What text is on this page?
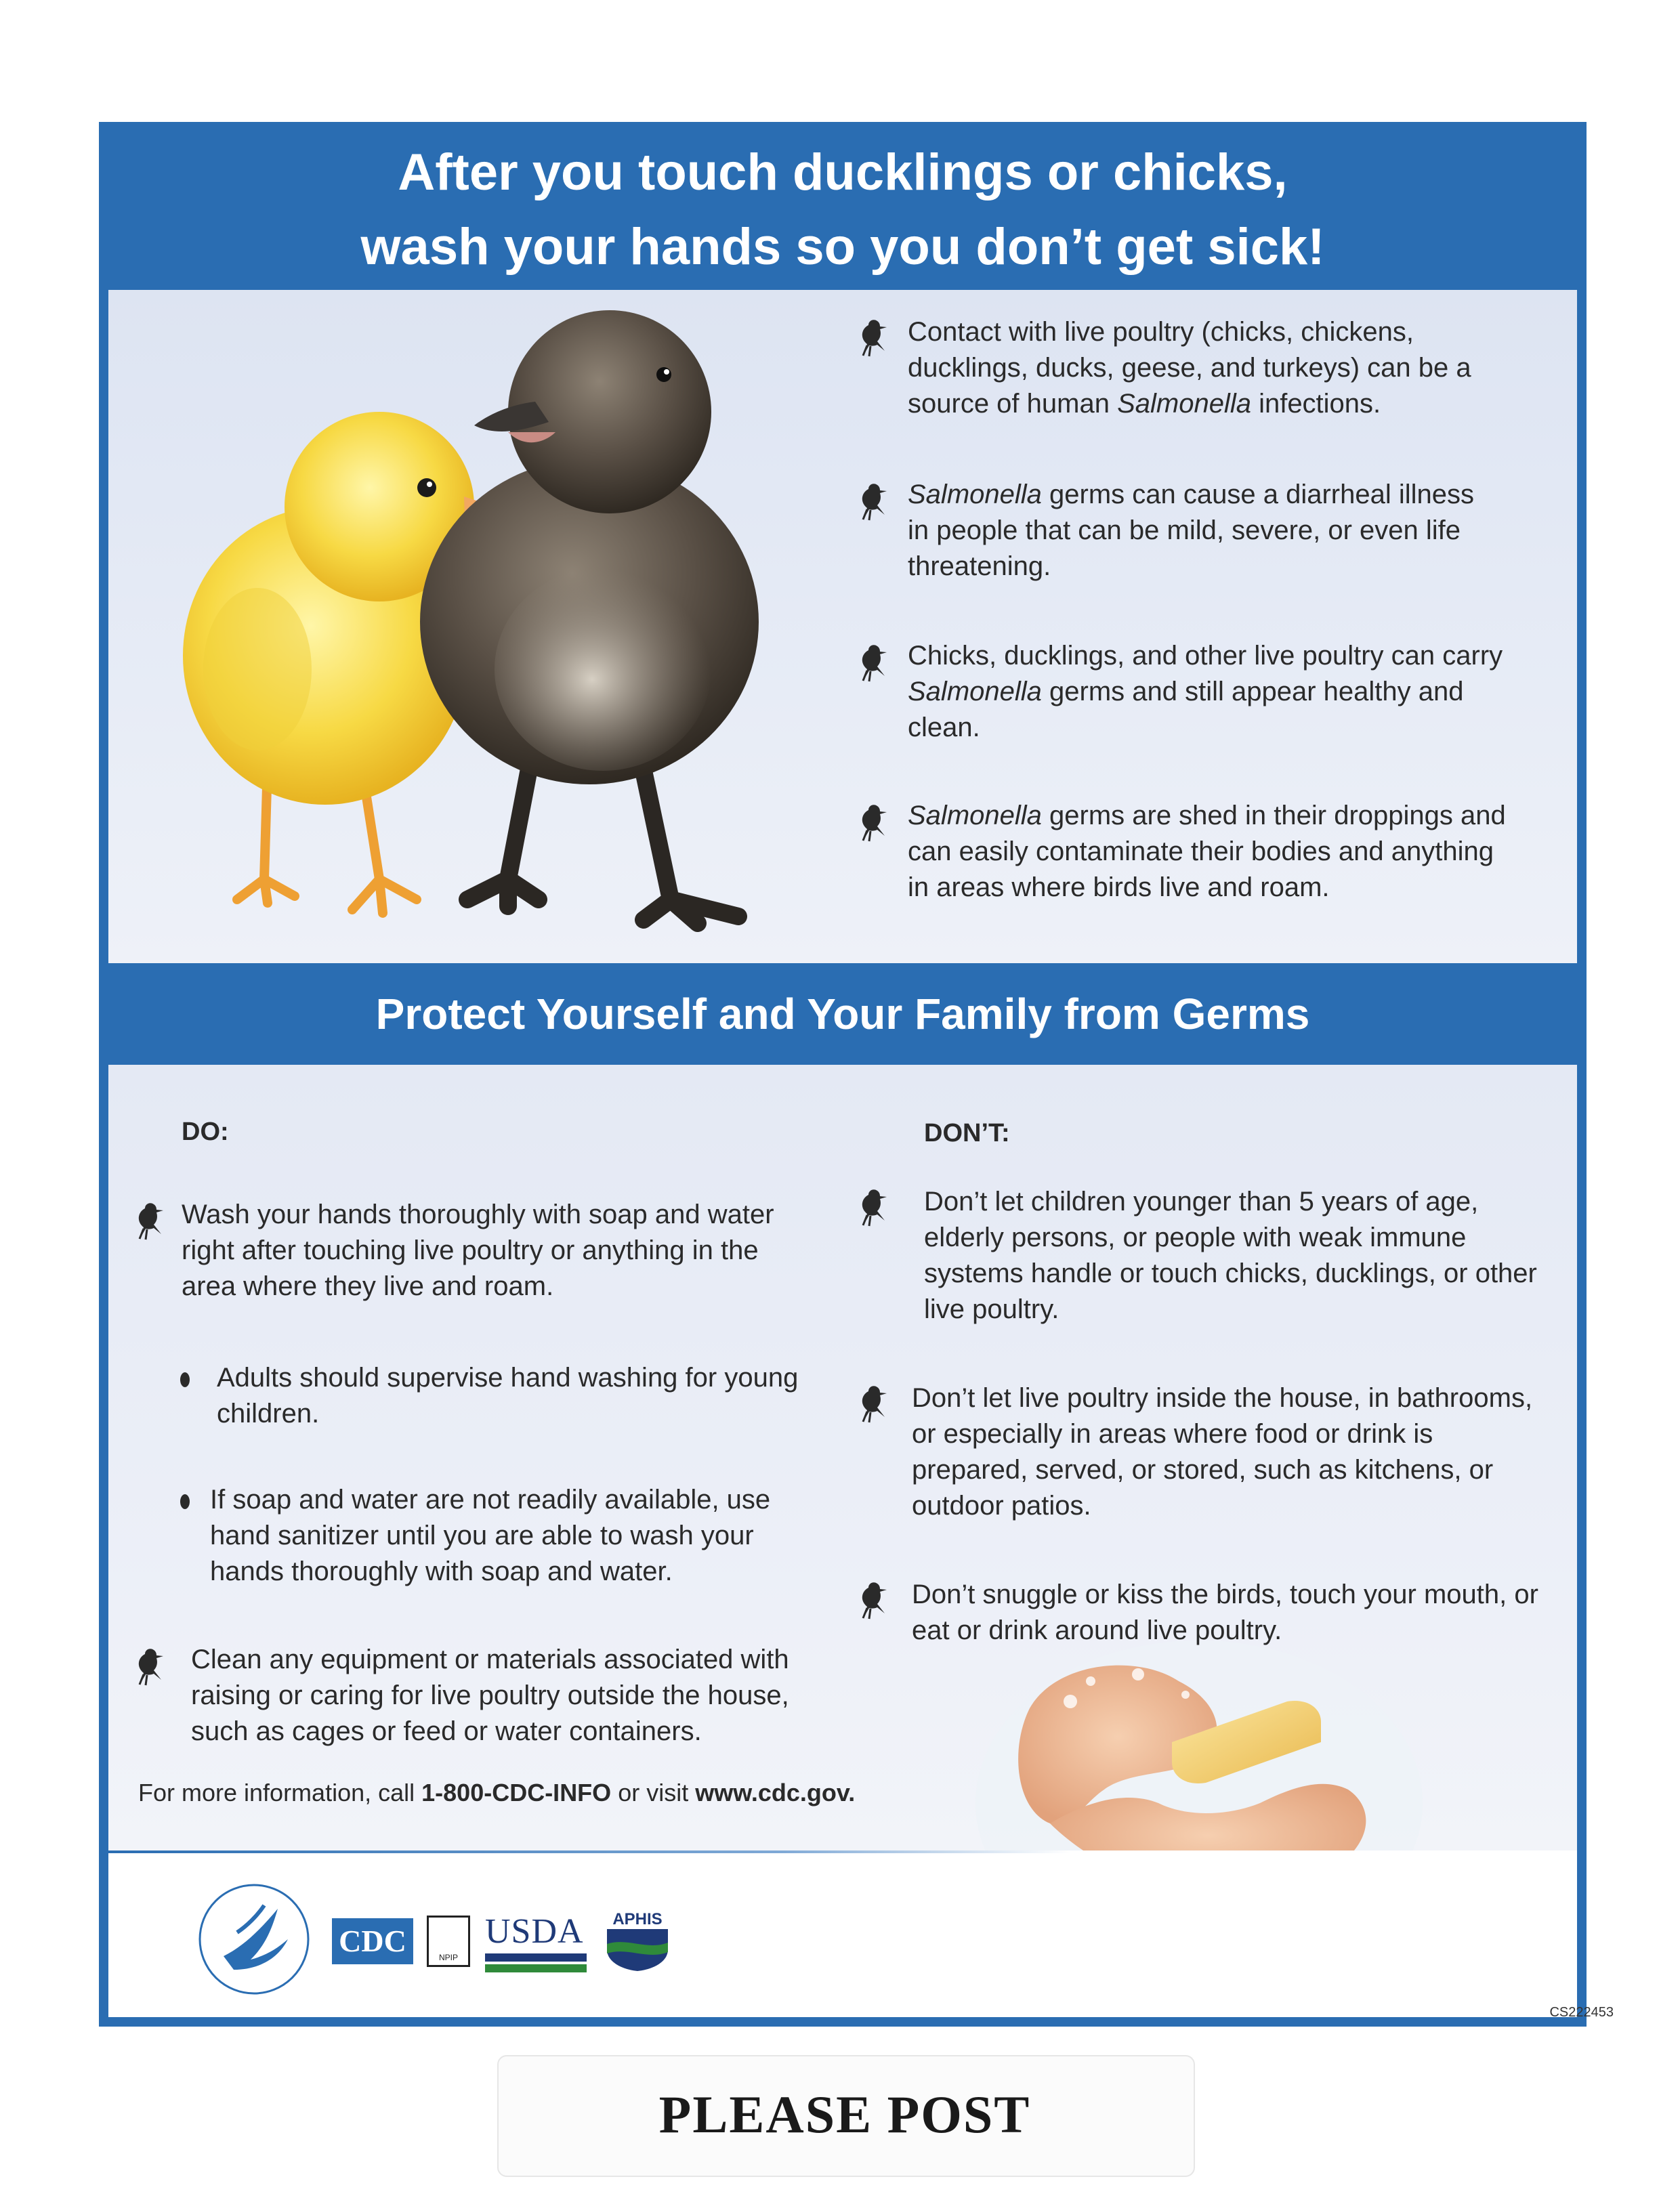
After you touch ducklings or chicks,
wash your hands so you don’t get sick!
Contact with live poultry (chicks, chickens,
ducklings, ducks, geese, and turkeys) can be a
source of human Salmonella infections.
Salmonella germs can cause a diarrheal illness
in people that can be mild, severe, or even life
threatening.
Chicks, ducklings, and other live poultry can carry
Salmonella germs and still appear healthy and
clean.
Salmonella germs are shed in their droppings and
can easily contaminate their bodies and anything
in areas where birds live and roam.
Protect Yourself and Your Family from Germs
DO:	DON’T:
Wash your hands thoroughly with soap and water
right after touching live poultry or anything in the
area where they live and roam.
Adults should supervise hand washing for young
children.
If soap and water are not readily available, use
hand sanitizer until you are able to wash your
hands thoroughly with soap and water.
Clean any equipment or materials associated with
raising or caring for live poultry outside the house,
such as cages or feed or water containers.
Don’t let children younger than 5 years of age,
elderly persons, or people with weak immune
systems handle or touch chicks, ducklings, or other
live poultry.
Don’t let live poultry inside the house, in bathrooms,
or especially in areas where food or drink is
prepared, served, or stored, such as kitchens, or
outdoor patios.
Don’t snuggle or kiss the birds, touch your mouth, or
eat or drink around live poultry.
For more information, call 1-800-CDC-INFO or visit www.cdc.gov.
CDC	NPIP
USDA	APHIS
CS222453
PLEASE POST
